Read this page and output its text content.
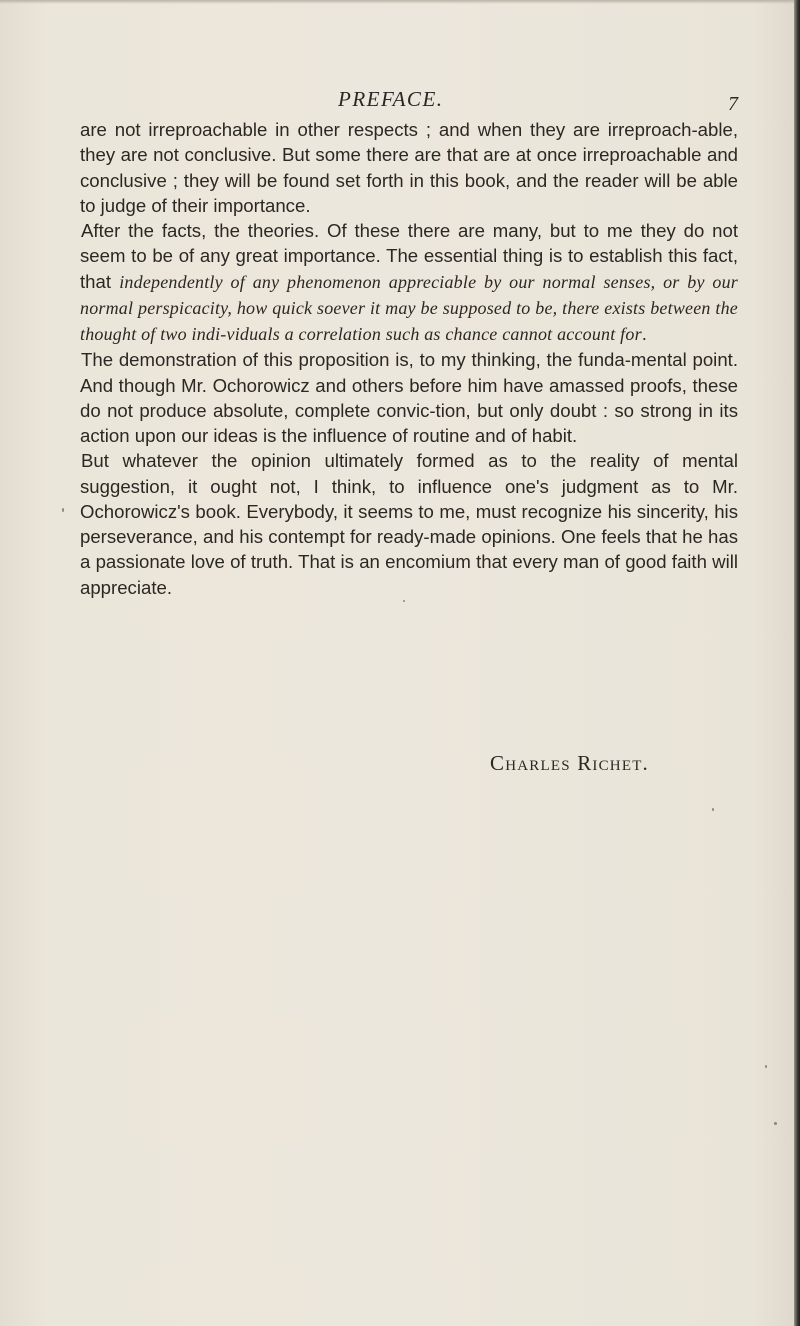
PREFACE.	7

are not irreproachable in other respects ; and when they are irreproach-able, they are not conclusive. But some there are that are at once irreproachable and conclusive ; they will be found set forth in this book, and the reader will be able to judge of their importance.

After the facts, the theories. Of these there are many, but to me they do not seem to be of any great importance. The essential thing is to establish this fact, that independently of any phenomenon appreciable by our normal senses, or by our normal perspicacity, how quick soever it may be supposed to be, there exists between the thought of two indi-viduals a correlation such as chance cannot account for.

The demonstration of this proposition is, to my thinking, the funda-mental point. And though Mr. Ochorowicz and others before him have amassed proofs, these do not produce absolute, complete convic-tion, but only doubt : so strong in its action upon our ideas is the influence of routine and of habit.

But whatever the opinion ultimately formed as to the reality of mental suggestion, it ought not, I think, to influence one's judgment as to Mr. Ochorowicz's book. Everybody, it seems to me, must recognize his sincerity, his perseverance, and his contempt for ready-made opinions. One feels that he has a passionate love of truth. That is an encomium that every man of good faith will appreciate.

Charles Richet.
